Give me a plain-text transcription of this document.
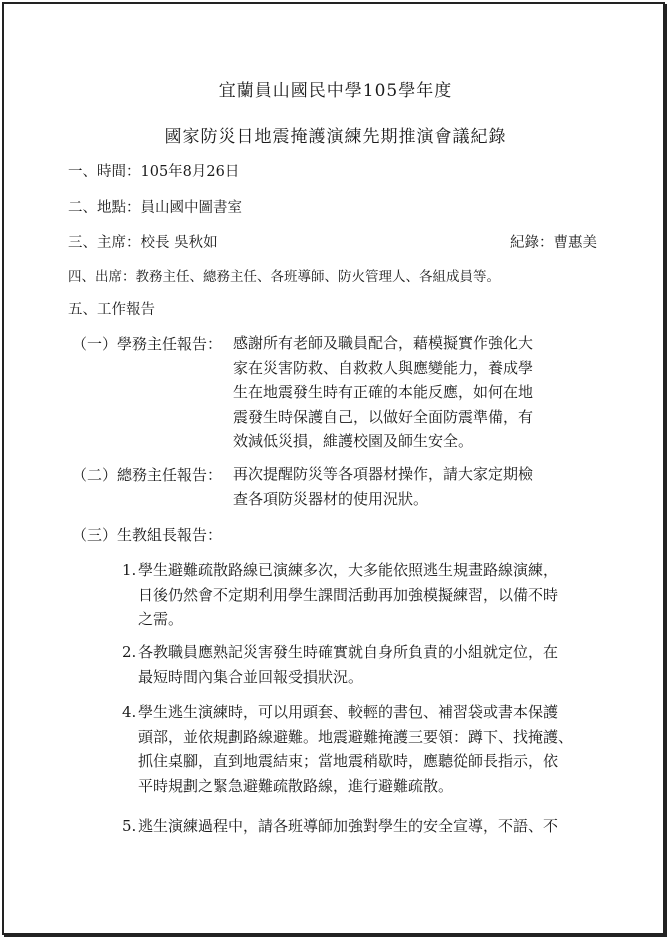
宜蘭員山國民中學105學年度
國家防災日地震掩護演練先期推演會議紀錄
一、時間：105年8月26日
二、地點：員山國中圖書室
三、主席：校長 吳秋如	紀錄：曹惠美
四、出席：教務主任、總務主任、各班導師、防火管理人、各組成員等。
五、工作報告
（一）學務主任報告： 感謝所有老師及職員配合，藉模擬實作強化大
家在災害防救、自救救人與應變能力，養成學
生在地震發生時有正確的本能反應，如何在地
震發生時保護自己，以做好全面防震準備，有
效減低災損，維護校園及師生安全。
（二）總務主任報告： 再次提醒防災等各項器材操作，請大家定期檢
查各項防災器材的使用況狀。
（三）生教組長報告：
1. 學生避難疏散路線已演練多次，大多能依照逃生規畫路線演練，
日後仍然會不定期利用學生課間活動再加強模擬練習，以備不時
之需。
2. 各教職員應熟記災害發生時確實就自身所負責的小組就定位，在
最短時間內集合並回報受損狀況。
4. 學生逃生演練時，可以用頭套、較輕的書包、補習袋或書本保護
頭部，並依規劃路線避難。地震避難掩護三要領：蹲下、找掩護、
抓住桌腳，直到地震結束；當地震稍歇時，應聽從師長指示，依
平時規劃之緊急避難疏散路線，進行避難疏散。
5. 逃生演練過程中，請各班導師加強對學生的安全宣導，不語、不
